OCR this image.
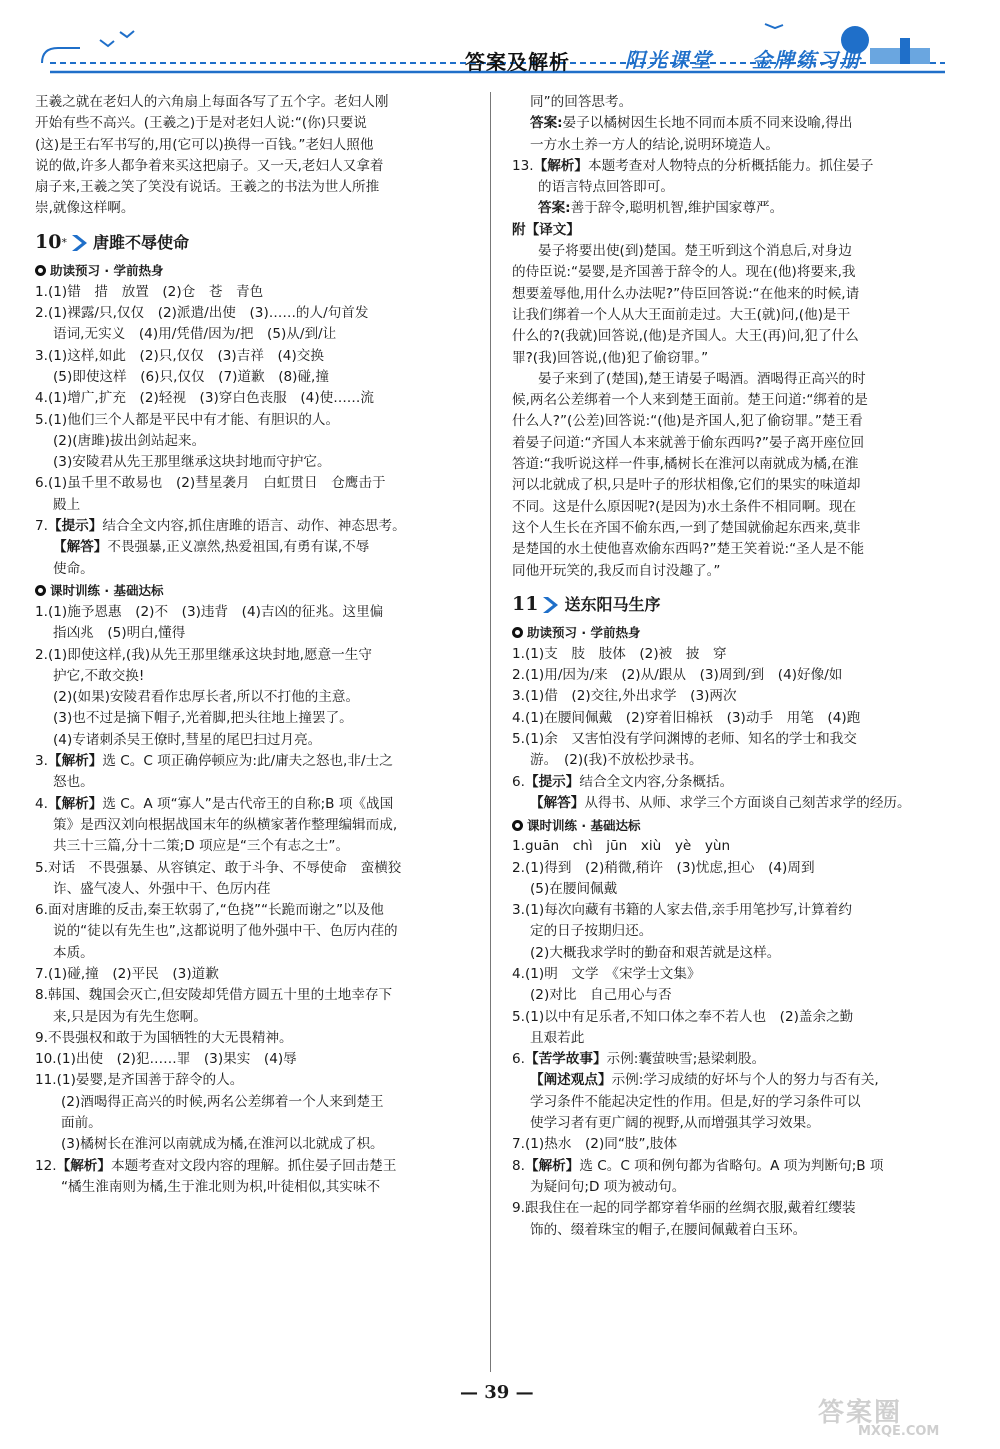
答案及解析	阳光课堂 金牌练习册
王羲之就在老妇人的六角扇上每面各写了五个字。老妇人刚
开始有些不高兴。(王羲之)于是对老妇人说:“(你)只要说
(这)是王右军书写的,用(它可以)换得一百钱。”老妇人照他
说的做,许多人都争着来买这把扇子。又一天,老妇人又拿着
扇子来,王羲之笑了笑没有说话。王羲之的书法为世人所推
崇,就像这样啊。
10 * 唐雎不辱使命
助读预习 · 学前热身
1.(1)错　措　放置　(2)仓　苍　青色
2.(1)裸露/只,仅仅　(2)派遣/出使　(3)……的人/句首发
语词,无实义　(4)用/凭借/因为/把　(5)从/到/让
3.(1)这样,如此　(2)只,仅仅　(3)吉祥　(4)交换
(5)即使这样　(6)只,仅仅　(7)道歉　(8)碰,撞
4.(1)增广,扩充　(2)轻视　(3)穿白色丧服　(4)使……流
5.(1)他们三个人都是平民中有才能、有胆识的人。
(2)(唐雎)拔出剑站起来。
(3)安陵君从先王那里继承这块封地而守护它。
6.(1)虽千里不敢易也　(2)彗星袭月　白虹贯日　仓鹰击于
殿上
7.【提示】结合全文内容,抓住唐雎的语言、动作、神态思考。
【解答】不畏强暴,正义凛然,热爱祖国,有勇有谋,不辱
使命。
课时训练 · 基础达标
1.(1)施予恩惠　(2)不　(3)违背　(4)吉凶的征兆。这里偏
指凶兆　(5)明白,懂得
2.(1)即使这样,(我)从先王那里继承这块封地,愿意一生守
护它,不敢交换!
(2)(如果)安陵君看作忠厚长者,所以不打他的主意。
(3)也不过是摘下帽子,光着脚,把头往地上撞罢了。
(4)专诸刺杀吴王僚时,彗星的尾巴扫过月亮。
3.【解析】选 C。C 项正确停顿应为:此/庸夫之怒也,非/士之
怒也。
4.【解析】选 C。A 项“寡人”是古代帝王的自称;B 项《战国
策》是西汉刘向根据战国末年的纵横家著作整理编辑而成,
共三十三篇,分十二策;D 项应是“三个有志之士”。
5.对话　不畏强暴、从容镇定、敢于斗争、不辱使命　蛮横狡
诈、盛气凌人、外强中干、色厉内荏
6.面对唐雎的反击,秦王软弱了,“色挠”“长跪而谢之”以及他
说的“徒以有先生也”,这都说明了他外强中干、色厉内荏的
本质。
7.(1)碰,撞　(2)平民　(3)道歉
8.韩国、魏国会灭亡,但安陵却凭借方圆五十里的土地幸存下
来,只是因为有先生您啊。
9.不畏强权和敢于为国牺牲的大无畏精神。
10.(1)出使　(2)犯……罪　(3)果实　(4)辱
11.(1)晏婴,是齐国善于辞令的人。
(2)酒喝得正高兴的时候,两名公差绑着一个人来到楚王
面前。
(3)橘树长在淮河以南就成为橘,在淮河以北就成了枳。
12.【解析】本题考查对文段内容的理解。抓住晏子回击楚王
“橘生淮南则为橘,生于淮北则为枳,叶徒相似,其实味不
同”的回答思考。
答案:晏子以橘树因生长地不同而本质不同来设喻,得出
一方水土养一方人的结论,说明环境造人。
13.【解析】本题考查对人物特点的分析概括能力。抓住晏子
的语言特点回答即可。
答案:善于辞令,聪明机智,维护国家尊严。
附【译文】
晏子将要出使(到)楚国。楚王听到这个消息后,对身边
的侍臣说:“晏婴,是齐国善于辞令的人。现在(他)将要来,我
想要羞辱他,用什么办法呢?”侍臣回答说:“在他来的时候,请
让我们绑着一个人从大王面前走过。大王(就)问,(他)是干
什么的?(我就)回答说,(他)是齐国人。大王(再)问,犯了什么
罪?(我)回答说,(他)犯了偷窃罪。”
晏子来到了(楚国),楚王请晏子喝酒。酒喝得正高兴的时
候,两名公差绑着一个人来到楚王面前。楚王问道:“绑着的是
什么人?”(公差)回答说:“(他)是齐国人,犯了偷窃罪。”楚王看
着晏子问道:“齐国人本来就善于偷东西吗?”晏子离开座位回
答道:“我听说这样一件事,橘树长在淮河以南就成为橘,在淮
河以北就成了枳,只是叶子的形状相像,它们的果实的味道却
不同。这是什么原因呢?(是因为)水土条件不相同啊。现在
这个人生长在齐国不偷东西,一到了楚国就偷起东西来,莫非
是楚国的水土使他喜欢偷东西吗?”楚王笑着说:“圣人是不能
同他开玩笑的,我反而自讨没趣了。”
11 送东阳马生序
助读预习 · 学前热身
1.(1)支　肢　肢体　(2)被　披　穿
2.(1)用/因为/来　(2)从/跟从　(3)周到/到　(4)好像/如
3.(1)借　(2)交往,外出求学　(3)两次
4.(1)在腰间佩戴　(2)穿着旧棉袄　(3)动手　用笔　(4)跑
5.(1)余　又害怕没有学问渊博的老师、知名的学士和我交
游。　(2)(我)不放松抄录书。
6.【提示】结合全文内容,分条概括。
【解答】从得书、从师、求学三个方面谈自己刻苦求学的经历。
课时训练 · 基础达标
1.guān　chì　jūn　xiù　yè　yùn
2.(1)得到　(2)稍微,稍许　(3)忧虑,担心　(4)周到
(5)在腰间佩戴
3.(1)每次向藏有书籍的人家去借,亲手用笔抄写,计算着约
定的日子按期归还。
(2)大概我求学时的勤奋和艰苦就是这样。
4.(1)明　文学　《宋学士文集》
(2)对比　自己用心与否
5.(1)以中有足乐者,不知口体之奉不若人也　(2)盖余之勤
且艰若此
6.【苦学故事】示例:囊萤映雪;悬梁刺股。
【阐述观点】示例:学习成绩的好坏与个人的努力与否有关,
学习条件不能起决定性的作用。但是,好的学习条件可以
使学习者有更广阔的视野,从而增强其学习效果。
7.(1)热水　(2)同“肢”,肢体
8.【解析】选 C。C 项和例句都为省略句。A 项为判断句;B 项
为疑问句;D 项为被动句。
9.跟我住在一起的同学都穿着华丽的丝绸衣服,戴着红缨装
饰的、缀着珠宝的帽子,在腰间佩戴着白玉环。
— 39 —
答案圈
MXQE.COM
